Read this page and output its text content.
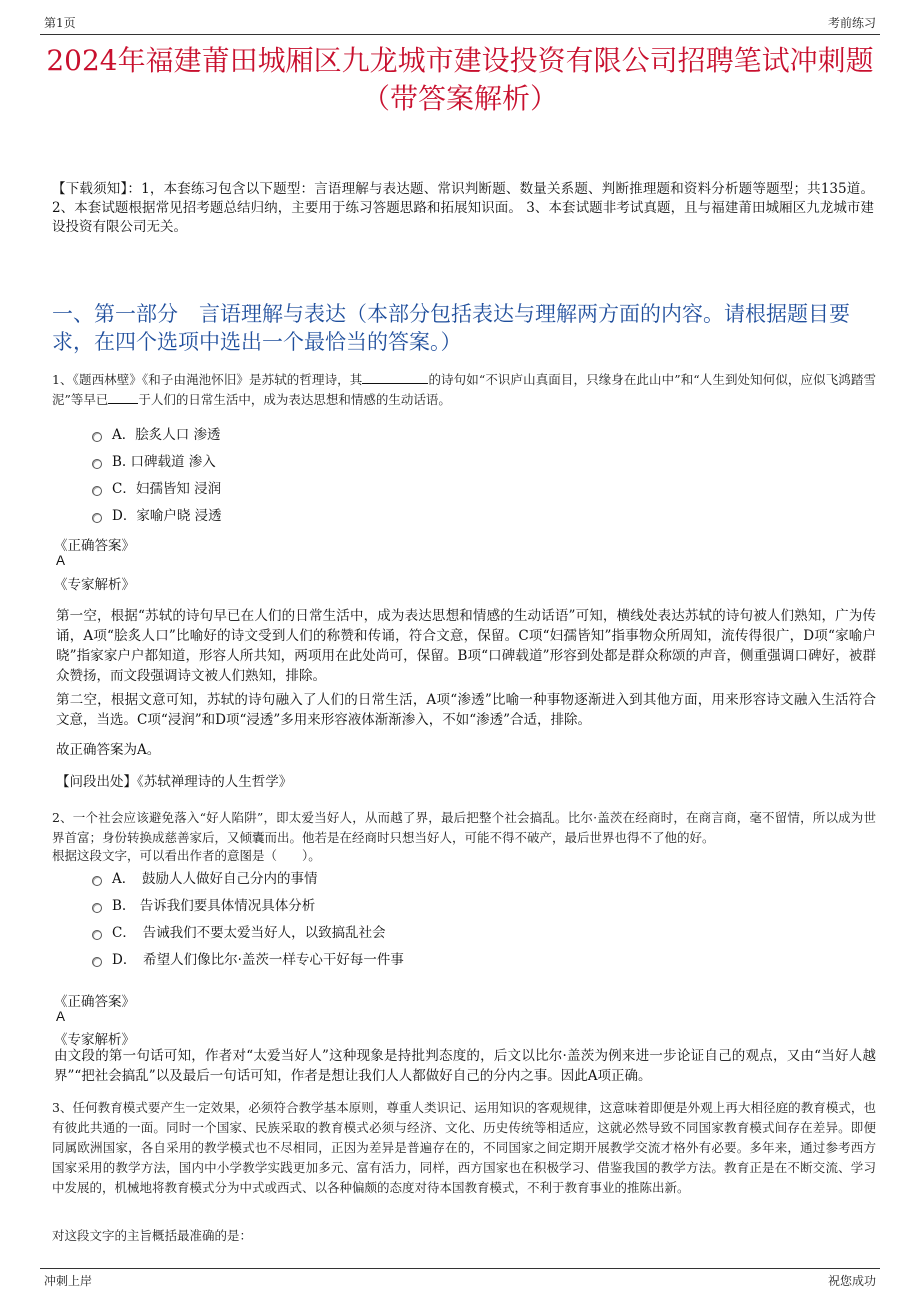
第1页	考前练习
2024年福建莆田城厢区九龙城市建设投资有限公司招聘笔试冲刺题（带答案解析）
【下载须知】：1，本套练习包含以下题型：言语理解与表达题、常识判断题、数量关系题、判断推理题和资料分析题等题型；共135道。 2、本套试题根据常见招考题总结归纳，主要用于练习答题思路和拓展知识面。 3、本套试题非考试真题，且与福建莆田城厢区九龙城市建设投资有限公司无关。
一、第一部分　言语理解与表达（本部分包括表达与理解两方面的内容。请根据题目要求，在四个选项中选出一个最恰当的答案。）
1、《题西林壁》《和子由渑池怀旧》是苏轼的哲理诗，其	的诗句如“不识庐山真面目，只缘身在此山中”和“人生到处知何似，应似飞鸿踏雪泥”等早已 于人们的日常生活中，成为表达思想和情感的生动话语。
A．脍炙人口 渗透
B. 口碑载道 渗入
C．妇孺皆知 浸润
D．家喻户晓 浸透
《正确答案》
A
《专家解析》
第一空，根据“苏轼的诗句早已在人们的日常生活中，成为表达思想和情感的生动话语”可知，横线处表达苏轼的诗句被人们熟知，广为传诵，A项“脍炙人口”比喻好的诗文受到人们的称赞和传诵，符合文意，保留。C项“妇孺皆知”指事物众所周知，流传得很广，D项“家喻户晓”指家家户户都知道，形容人所共知，两项用在此处尚可，保留。B项“口碑载道”形容到处都是群众称颂的声音，侧重强调口碑好，被群众赞扬，而文段强调诗文被人们熟知，排除。
第二空，根据文意可知，苏轼的诗句融入了人们的日常生活，A项“渗透”比喻一种事物逐渐进入到其他方面，用来形容诗文融入生活符合文意，当选。C项“浸润”和D项“浸透”多用来形容液体渐渐渗入，不如“渗透”合适，排除。
故正确答案为A。
【问段出处】《苏轼禅理诗的人生哲学》
2、一个社会应该避免落入“好人陷阱”，即太爱当好人，从而越了界，最后把整个社会搞乱。比尔·盖茨在经商时，在商言商，毫不留情，所以成为世界首富；身份转换成慈善家后，又倾囊而出。他若是在经商时只想当好人，可能不得不破产，最后世界也得不了他的好。
根据这段文字，可以看出作者的意图是（　　）。
A．　鼓励人人做好自己分内的事情
B.　告诉我们要具体情况具体分析
C．　告诫我们不要太爱当好人，以致搞乱社会
D．　希望人们像比尔·盖茨一样专心干好每一件事
《正确答案》
A
《专家解析》
由文段的第一句话可知，作者对“太爱当好人”这种现象是持批判态度的，后文以比尔·盖茨为例来进一步论证自己的观点，又由“当好人越界”“把社会搞乱”以及最后一句话可知，作者是想让我们人人都做好自己的分内之事。因此A项正确。
3、任何教育模式要产生一定效果，必须符合教学基本原则，尊重人类识记、运用知识的客观规律，这意味着即便是外观上再大相径庭的教育模式，也有彼此共通的一面。同时一个国家、民族采取的教育模式必须与经济、文化、历史传统等相适应，这就必然导致不同国家教育模式间存在差异。即便同属欧洲国家，各自采用的教学模式也不尽相同，正因为差异是普遍存在的，不同国家之间定期开展教学交流才格外有必要。多年来，通过参考西方国家采用的教学方法，国内中小学教学实践更加多元、富有活力，同样，西方国家也在积极学习、借鉴我国的教学方法。教育正是在不断交流、学习中发展的，机械地将教育模式分为中式或西式、以各种偏颇的态度对待本国教育模式，不利于教育事业的推陈出新。
对这段文字的主旨概括最准确的是：
冲刺上岸	祝您成功
